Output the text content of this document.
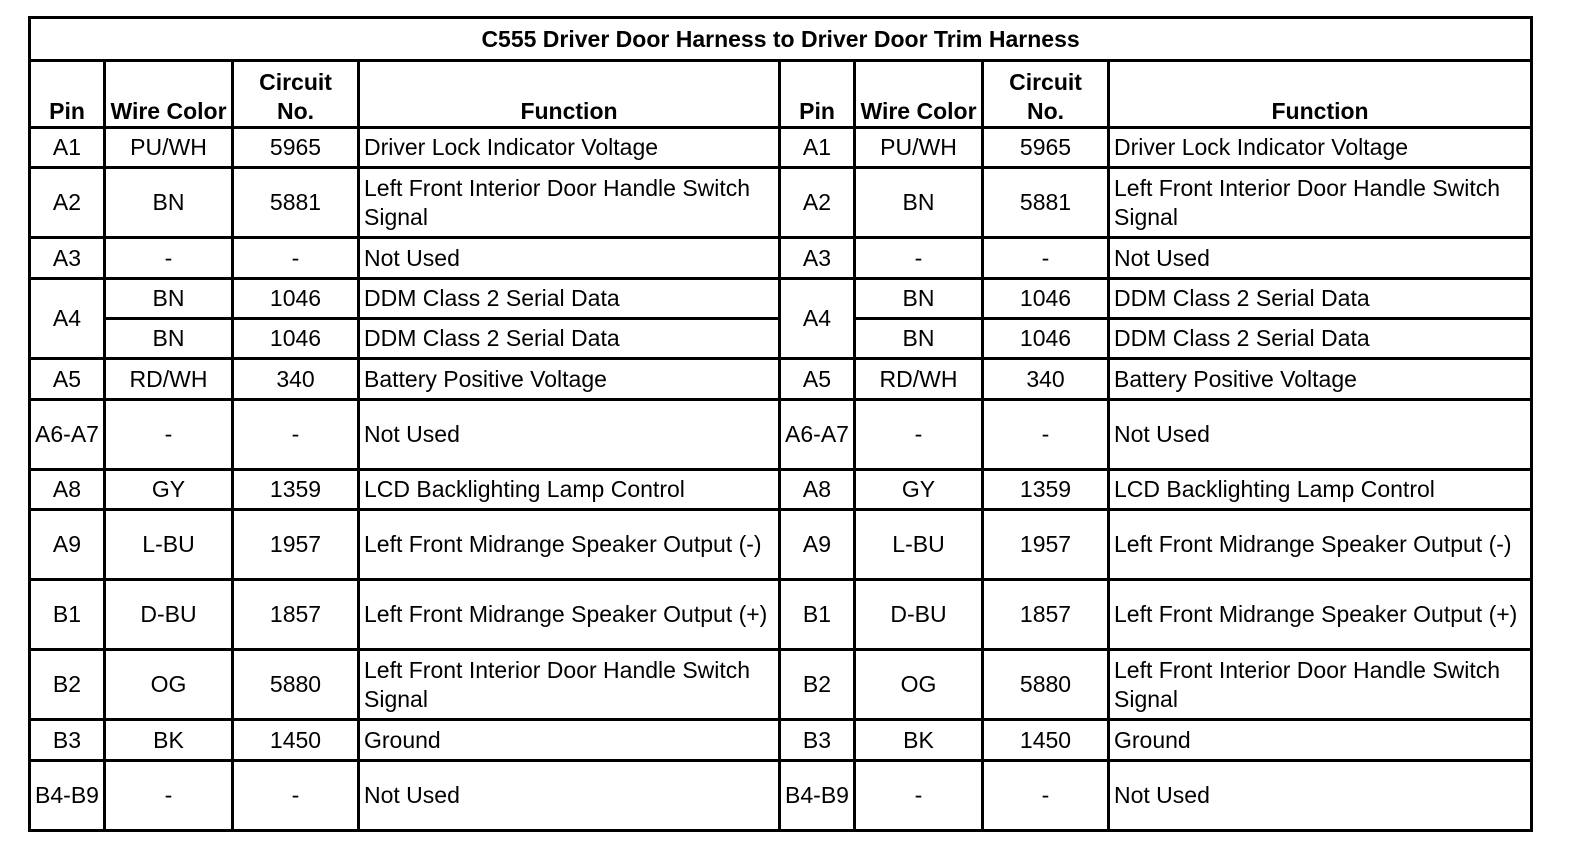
C555 Driver Door Harness to Driver Door Trim Harness							
Pin	Wire Color	Circuit No.	Function	Pin	Wire Color	Circuit No.	Function
A1	PU/WH	5965	Driver Lock Indicator Voltage	A1	PU/WH	5965	Driver Lock Indicator Voltage
A2	BN	5881	Left Front Interior Door Handle Switch Signal	A2	BN	5881	Left Front Interior Door Handle Switch Signal
A3	-	-	Not Used	A3	-	-	Not Used
A4	BN	1046	DDM Class 2 Serial Data	A4	BN	1046	DDM Class 2 Serial Data
	BN	1046	DDM Class 2 Serial Data		BN	1046	DDM Class 2 Serial Data
A5	RD/WH	340	Battery Positive Voltage	A5	RD/WH	340	Battery Positive Voltage
A6-A7	-	-	Not Used	A6-A7	-	-	Not Used
A8	GY	1359	LCD Backlighting Lamp Control	A8	GY	1359	LCD Backlighting Lamp Control
A9	L-BU	1957	Left Front Midrange Speaker Output (-)	A9	L-BU	1957	Left Front Midrange Speaker Output (-)
B1	D-BU	1857	Left Front Midrange Speaker Output (+)	B1	D-BU	1857	Left Front Midrange Speaker Output (+)
B2	OG	5880	Left Front Interior Door Handle Switch Signal	B2	OG	5880	Left Front Interior Door Handle Switch Signal
B3	BK	1450	Ground	B3	BK	1450	Ground
B4-B9	-	-	Not Used	B4-B9	-	-	Not Used
